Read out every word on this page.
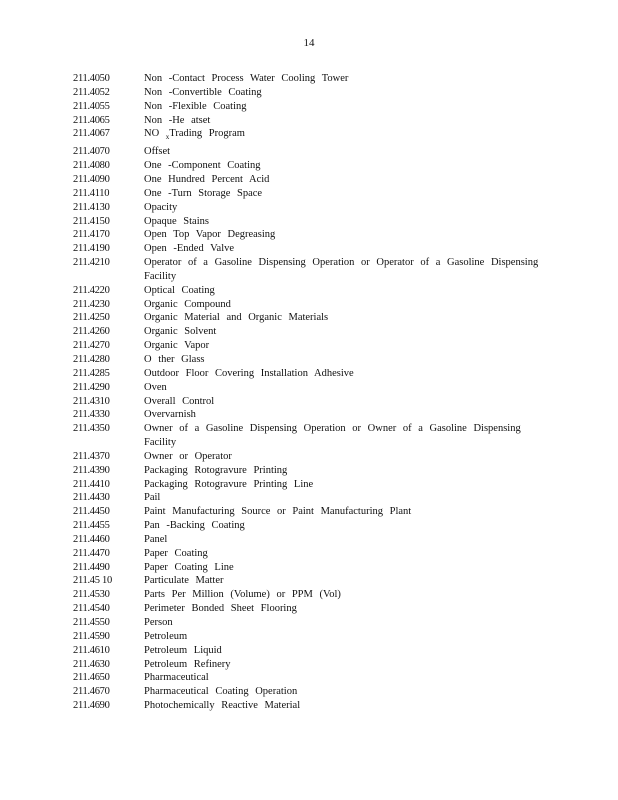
14
211.4050	Non -Contact Process Water Cooling Tower
211.4052	Non -Convertible Coating
211.4055	Non -Flexible Coating
211.4065	Non -He atset
211.4067	NO $_x$Trading Program
211.4070	Offset
211.4080	One -Component Coating
211.4090	One Hundred Percent Acid
211.4110	One -Turn Storage Space
211.4130	Opacity
211.4150	Opaque Stains
211.4170	Open Top Vapor Degreasing
211.4190	Open -Ended Valve
211.4210	Operator of a Gasoline Dispensing Operation or Operator of a Gasoline Dispensing Facility
211.4220	Optical Coating
211.4230	Organic Compound
211.4250	Organic Material and Organic Materials
211.4260	Organic Solvent
211.4270	Organic Vapor
211.4280	O ther Glass
211.4285	Outdoor Floor Covering Installation Adhesive
211.4290	Oven
211.4310	Overall Control
211.4330	Overvarnish
211.4350	Owner of a Gasoline Dispensing Operation or Owner of a Gasoline Dispensing Facility
211.4370	Owner or Operator
211.4390	Packaging Rotogravure Printing
211.4410	Packaging Rotogravure Printing Line
211.4430	Pail
211.4450	Paint Manufacturing Source or Paint Manufacturing Plant
211.4455	Pan -Backing Coating
211.4460	Panel
211.4470	Paper Coating
211.4490	Paper Coating Line
211.45 10	Particulate Matter
211.4530	Parts Per Million (Volume) or PPM (Vol)
211.4540	Perimeter Bonded Sheet Flooring
211.4550	Person
211.4590	Petroleum
211.4610	Petroleum Liquid
211.4630	Petroleum Refinery
211.4650	Pharmaceutical
211.4670	Pharmaceutical Coating Operation
211.4690	Photochemically Reactive Material
